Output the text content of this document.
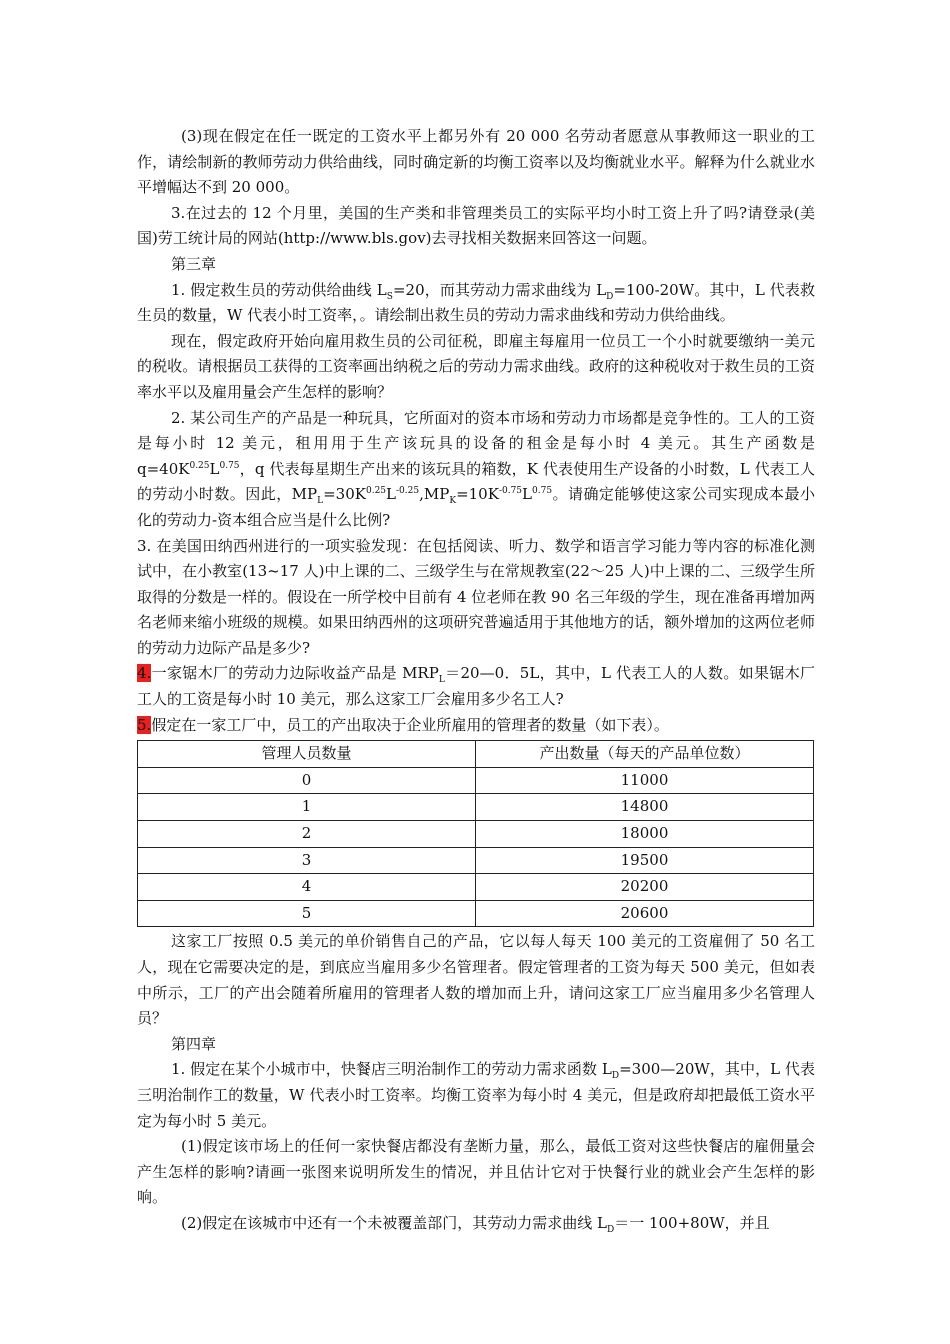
(3)现在假定在任一既定的工资水平上都另外有 20 000 名劳动者愿意从事教师这一职业的工作，请绘制新的教师劳动力供给曲线，同时确定新的均衡工资率以及均衡就业水平。解释为什么就业水平增幅达不到 20 000。

3.在过去的 12 个月里，美国的生产类和非管理类员工的实际平均小时工资上升了吗?请登录(美国)劳工统计局的网站(http://www.bls.gov)去寻找相关数据来回答这一问题。

第三章

1. 假定救生员的劳动供给曲线 $L_S=20$，而其劳动力需求曲线为 $L_D=100-20W$。其中，L 代表救生员的数量，W 代表小时工资率，。请绘制出救生员的劳动力需求曲线和劳动力供给曲线。

现在，假定政府开始向雇用救生员的公司征税，即雇主每雇用一位员工一个小时就要缴纳一美元的税收。请根据员工获得的工资率画出纳税之后的劳动力需求曲线。政府的这种税收对于救生员的工资率水平以及雇用量会产生怎样的影响？

2. 某公司生产的产品是一种玩具，它所面对的资本市场和劳动力市场都是竞争性的。工人的工资是每小时 12 美元，租用用于生产该玩具的设备的租金是每小时 4 美元。其生产函数是 $q=40K^{0.25}L^{0.75}$，q 代表每星期生产出来的该玩具的箱数，K 代表使用生产设备的小时数，L 代表工人的劳动小时数。因此，$MP_L=30K^{0.25}L^{-0.25},MP_K=10K^{-0.75}L^{0.75}$。请确定能够使这家公司实现成本最小化的劳动力-资本组合应当是什么比例?

3. 在美国田纳西州进行的一项实验发现：在包括阅读、听力、数学和语言学习能力等内容的标准化测试中，在小教室(13~17 人)中上课的二、三级学生与在常规教室(22～25 人)中上课的二、三级学生所取得的分数是一样的。假设在一所学校中目前有 4 位老师在教 90 名三年级的学生，现在准备再增加两名老师来缩小班级的规模。如果田纳西州的这项研究普遍适用于其他地方的话，额外增加的这两位老师的劳动力边际产品是多少?

4.一家锯木厂的劳动力边际收益产品是 $MRP_L=20—0$．5L，其中，L 代表工人的人数。如果锯木厂工人的工资是每小时 10 美元，那么这家工厂会雇用多少名工人?

5.假定在一家工厂中，员工的产出取决于企业所雇用的管理者的数量（如下表）。

管理人员数量	产出数量（每天的产品单位数）
0	11000
1	14800
2	18000
3	19500
4	20200
5	20600

这家工厂按照 0.5 美元的单价销售自己的产品，它以每人每天 100 美元的工资雇佣了 50 名工人，现在它需要决定的是，到底应当雇用多少名管理者。假定管理者的工资为每天 500 美元，但如表中所示，工厂的产出会随着所雇用的管理者人数的增加而上升，请问这家工厂应当雇用多少名管理人员？

第四章

1. 假定在某个小城市中，快餐店三明治制作工的劳动力需求函数 $L_D=300—20W$，其中，L 代表三明治制作工的数量，W 代表小时工资率。均衡工资率为每小时 4 美元，但是政府却把最低工资水平定为每小时 5 美元。

(1)假定该市场上的任何一家快餐店都没有垄断力量，那么，最低工资对这些快餐店的雇佣量会产生怎样的影响?请画一张图来说明所发生的情况，并且估计它对于快餐行业的就业会产生怎样的影响。

(2)假定在该城市中还有一个未被覆盖部门，其劳动力需求曲线 $L_D=$一 100+80W，并且
